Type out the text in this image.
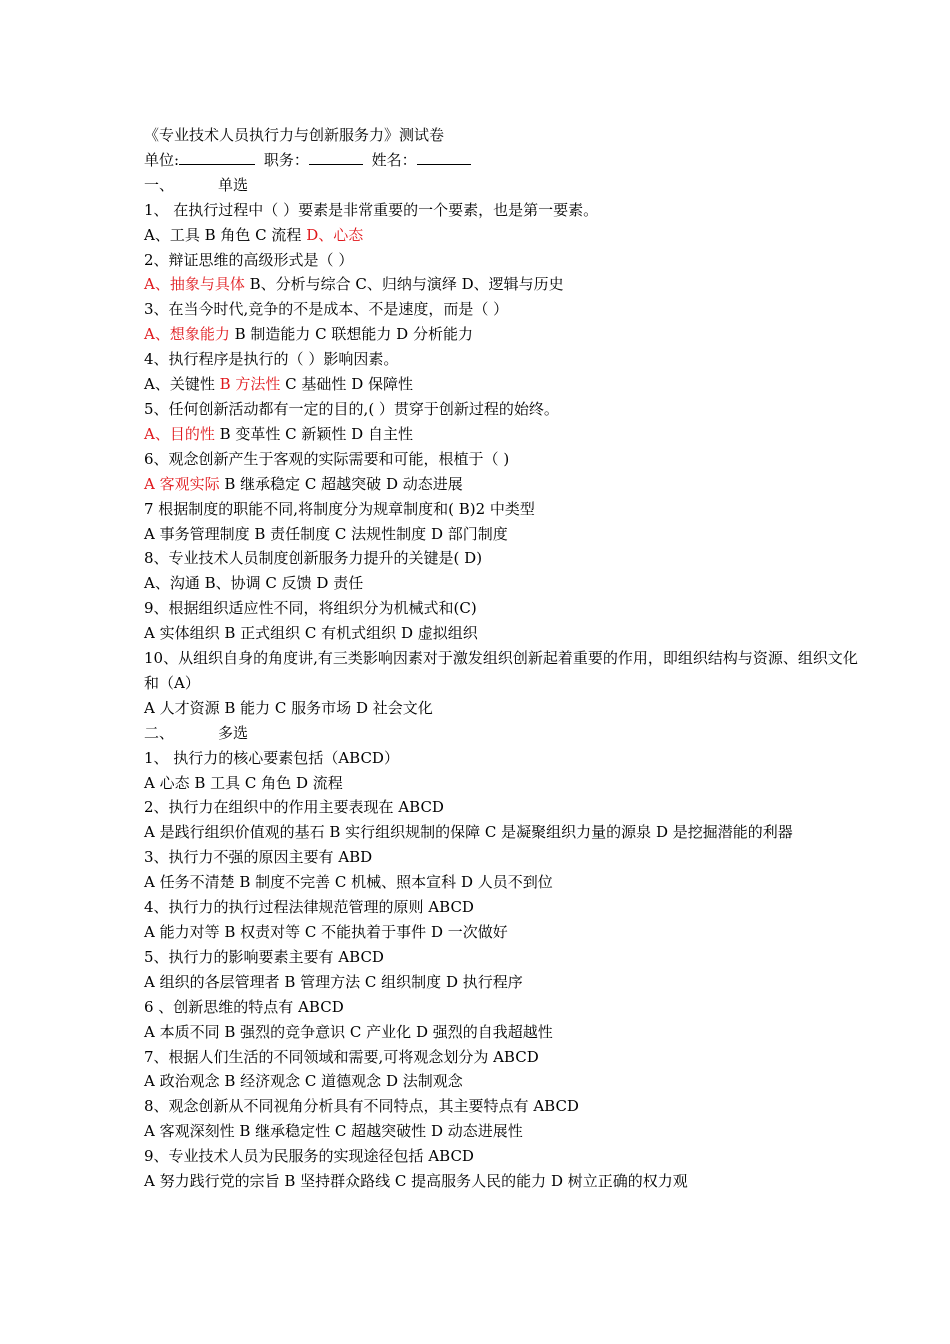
《专业技术人员执行力与创新服务力》测试卷
单位:	职务：	姓名：
一、	单选
1、 在执行过程中（ ）要素是非常重要的一个要素，也是第一要素。
A、工具 B 角色 C 流程 D、心态
2、辩证思维的高级形式是（ ）
A、抽象与具体 B、分析与综合 C、归纳与演绎 D、逻辑与历史
3、在当今时代,竞争的不是成本、不是速度，而是（ ）
A、想象能力 B 制造能力 C 联想能力 D 分析能力
4、执行程序是执行的（ ）影响因素。
A、关键性 B 方法性 C 基础性 D 保障性
5、任何创新活动都有一定的目的,( ）贯穿于创新过程的始终。
A、目的性 B 变革性 C 新颖性 D 自主性
6、观念创新产生于客观的实际需要和可能，根植于（ )
A 客观实际 B 继承稳定 C 超越突破 D 动态进展
7 根据制度的职能不同,将制度分为规章制度和( B)2 中类型
A 事务管理制度 B 责任制度 C 法规性制度 D 部门制度
8、专业技术人员制度创新服务力提升的关键是( D)
A、沟通 B、协调 C 反馈 D 责任
9、根据组织适应性不同，将组织分为机械式和(C)
A 实体组织 B 正式组织 C 有机式组织 D 虚拟组织
10、从组织自身的角度讲,有三类影响因素对于激发组织创新起着重要的作用，即组织结构与资源、组织文化和（A）
A 人才资源 B 能力 C 服务市场 D 社会文化
二、	多选
1、 执行力的核心要素包括（ABCD）
A 心态 B 工具 C 角色 D 流程
2、执行力在组织中的作用主要表现在 ABCD
A 是践行组织价值观的基石 B 实行组织规制的保障 C 是凝聚组织力量的源泉 D 是挖掘潜能的利器
3、执行力不强的原因主要有 ABD
A 任务不清楚 B 制度不完善 C 机械、照本宣科 D 人员不到位
4、执行力的执行过程法律规范管理的原则 ABCD
A 能力对等 B 权责对等 C 不能执着于事件 D 一次做好
5、执行力的影响要素主要有 ABCD
A 组织的各层管理者 B 管理方法 C 组织制度 D 执行程序
6 、创新思维的特点有 ABCD
A 本质不同 B 强烈的竞争意识 C 产业化 D 强烈的自我超越性
7、根据人们生活的不同领域和需要,可将观念划分为 ABCD
A 政治观念 B 经济观念 C 道德观念 D 法制观念
8、观念创新从不同视角分析具有不同特点，其主要特点有 ABCD
A 客观深刻性 B 继承稳定性 C 超越突破性 D 动态进展性
9、专业技术人员为民服务的实现途径包括 ABCD
A 努力践行党的宗旨 B 坚持群众路线 C 提高服务人民的能力 D 树立正确的权力观
